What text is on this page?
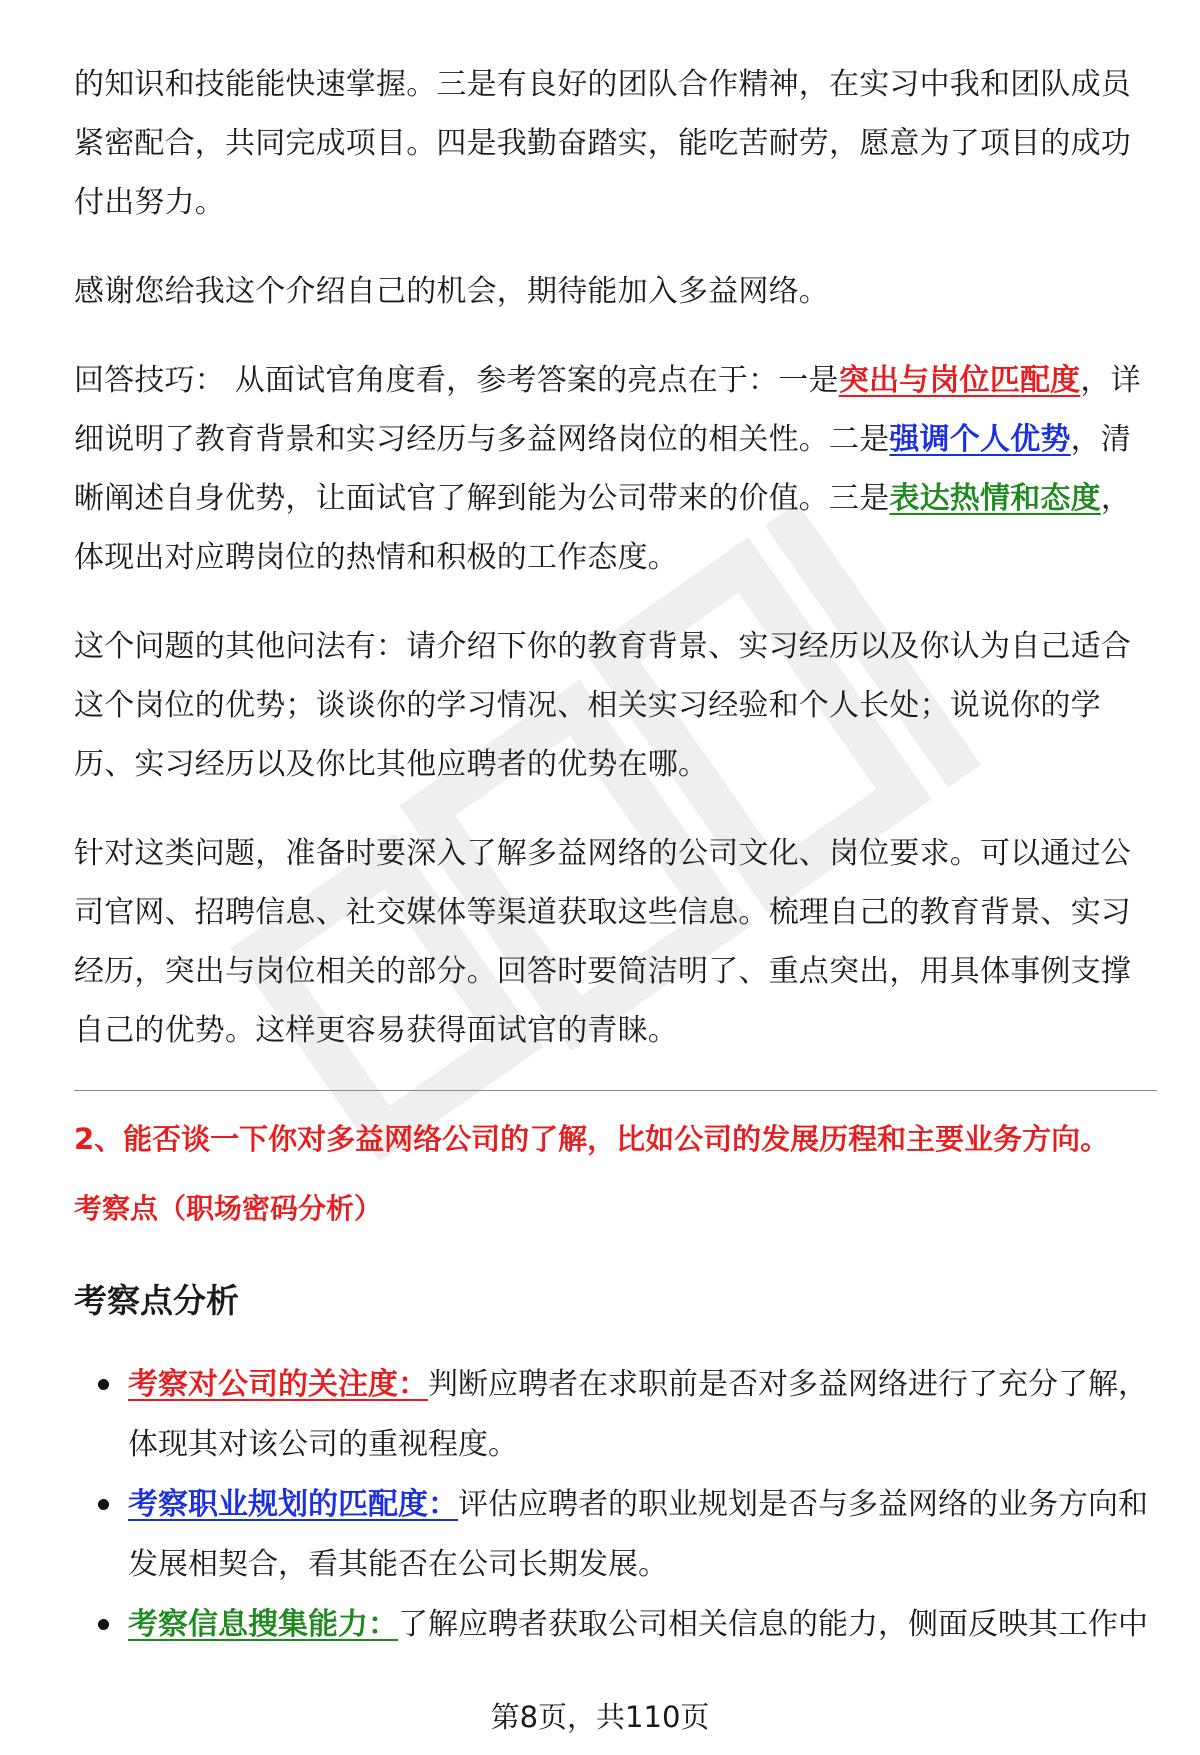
的知识和技能能快速掌握。三是有良好的团队合作精神，在实习中我和团队成员紧密配合，共同完成项目。四是我勤奋踏实，能吃苦耐劳，愿意为了项目的成功付出努力。

感谢您给我这个介绍自己的机会，期待能加入多益网络。

回答技巧： 从面试官角度看，参考答案的亮点在于：一是突出与岗位匹配度，详细说明了教育背景和实习经历与多益网络岗位的相关性。二是强调个人优势，清晰阐述自身优势，让面试官了解到能为公司带来的价值。三是表达热情和态度，体现出对应聘岗位的热情和积极的工作态度。

这个问题的其他问法有：请介绍下你的教育背景、实习经历以及你认为自己适合这个岗位的优势；谈谈你的学习情况、相关实习经验和个人长处；说说你的学历、实习经历以及你比其他应聘者的优势在哪。

针对这类问题，准备时要深入了解多益网络的公司文化、岗位要求。可以通过公司官网、招聘信息、社交媒体等渠道获取这些信息。梳理自己的教育背景、实习经历，突出与岗位相关的部分。回答时要简洁明了、重点突出，用具体事例支撑自己的优势。这样更容易获得面试官的青睐。

2、能否谈一下你对多益网络公司的了解，比如公司的发展历程和主要业务方向。
考察点（职场密码分析）
考察点分析
考察对公司的关注度：判断应聘者在求职前是否对多益网络进行了充分了解，体现其对该公司的重视程度。
考察职业规划的匹配度：评估应聘者的职业规划是否与多益网络的业务方向和发展相契合，看其能否在公司长期发展。
考察信息搜集能力：了解应聘者获取公司相关信息的能力，侧面反映其工作中
第8页，共110页
